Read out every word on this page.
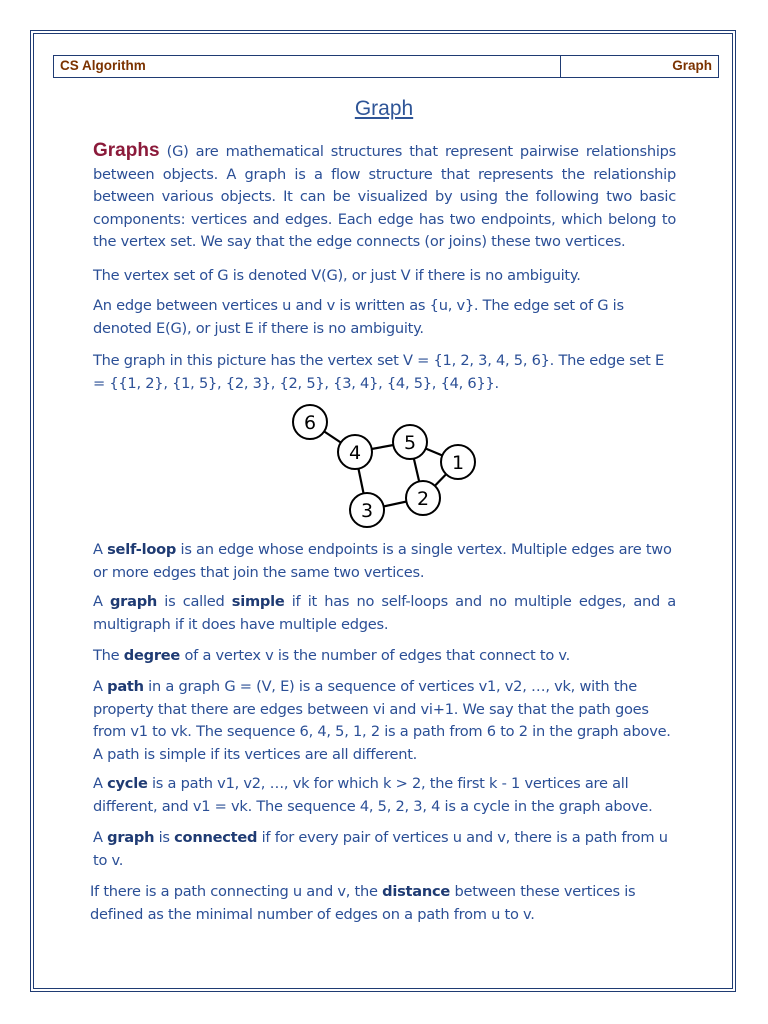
CS Algorithm	Graph
Graph

Graphs (G) are mathematical structures that represent pairwise relationships between objects. A graph is a flow structure that represents the relationship between various objects. It can be visualized by using the following two basic components: vertices and edges. Each edge has two endpoints, which belong to the vertex set. We say that the edge connects (or joins) these two vertices.

The vertex set of G is denoted V(G), or just V if there is no ambiguity.

An edge between vertices u and v is written as {u, v}. The edge set of G is denoted E(G), or just E if there is no ambiguity.

The graph in this picture has the vertex set V = {1, 2, 3, 4, 5, 6}. The edge set E = {{1, 2}, {1, 5}, {2, 3}, {2, 5}, {3, 4}, {4, 5}, {4, 6}}.

1
2
3
4 5
6

A self-loop is an edge whose endpoints is a single vertex. Multiple edges are two or more edges that join the same two vertices.

A graph is called simple if it has no self-loops and no multiple edges, and a multigraph if it does have multiple edges.

The degree of a vertex v is the number of edges that connect to v.

A path in a graph G = (V, E) is a sequence of vertices v1, v2, …, vk, with the property that there are edges between vi and vi+1. We say that the path goes from v1 to vk. The sequence 6, 4, 5, 1, 2 is a path from 6 to 2 in the graph above. A path is simple if its vertices are all different.

A cycle is a path v1, v2, …, vk for which k > 2, the first k - 1 vertices are all different, and v1 = vk. The sequence 4, 5, 2, 3, 4 is a cycle in the graph above.

A graph is connected if for every pair of vertices u and v, there is a path from u to v.

If there is a path connecting u and v, the distance between these vertices is defined as the minimal number of edges on a path from u to v.
